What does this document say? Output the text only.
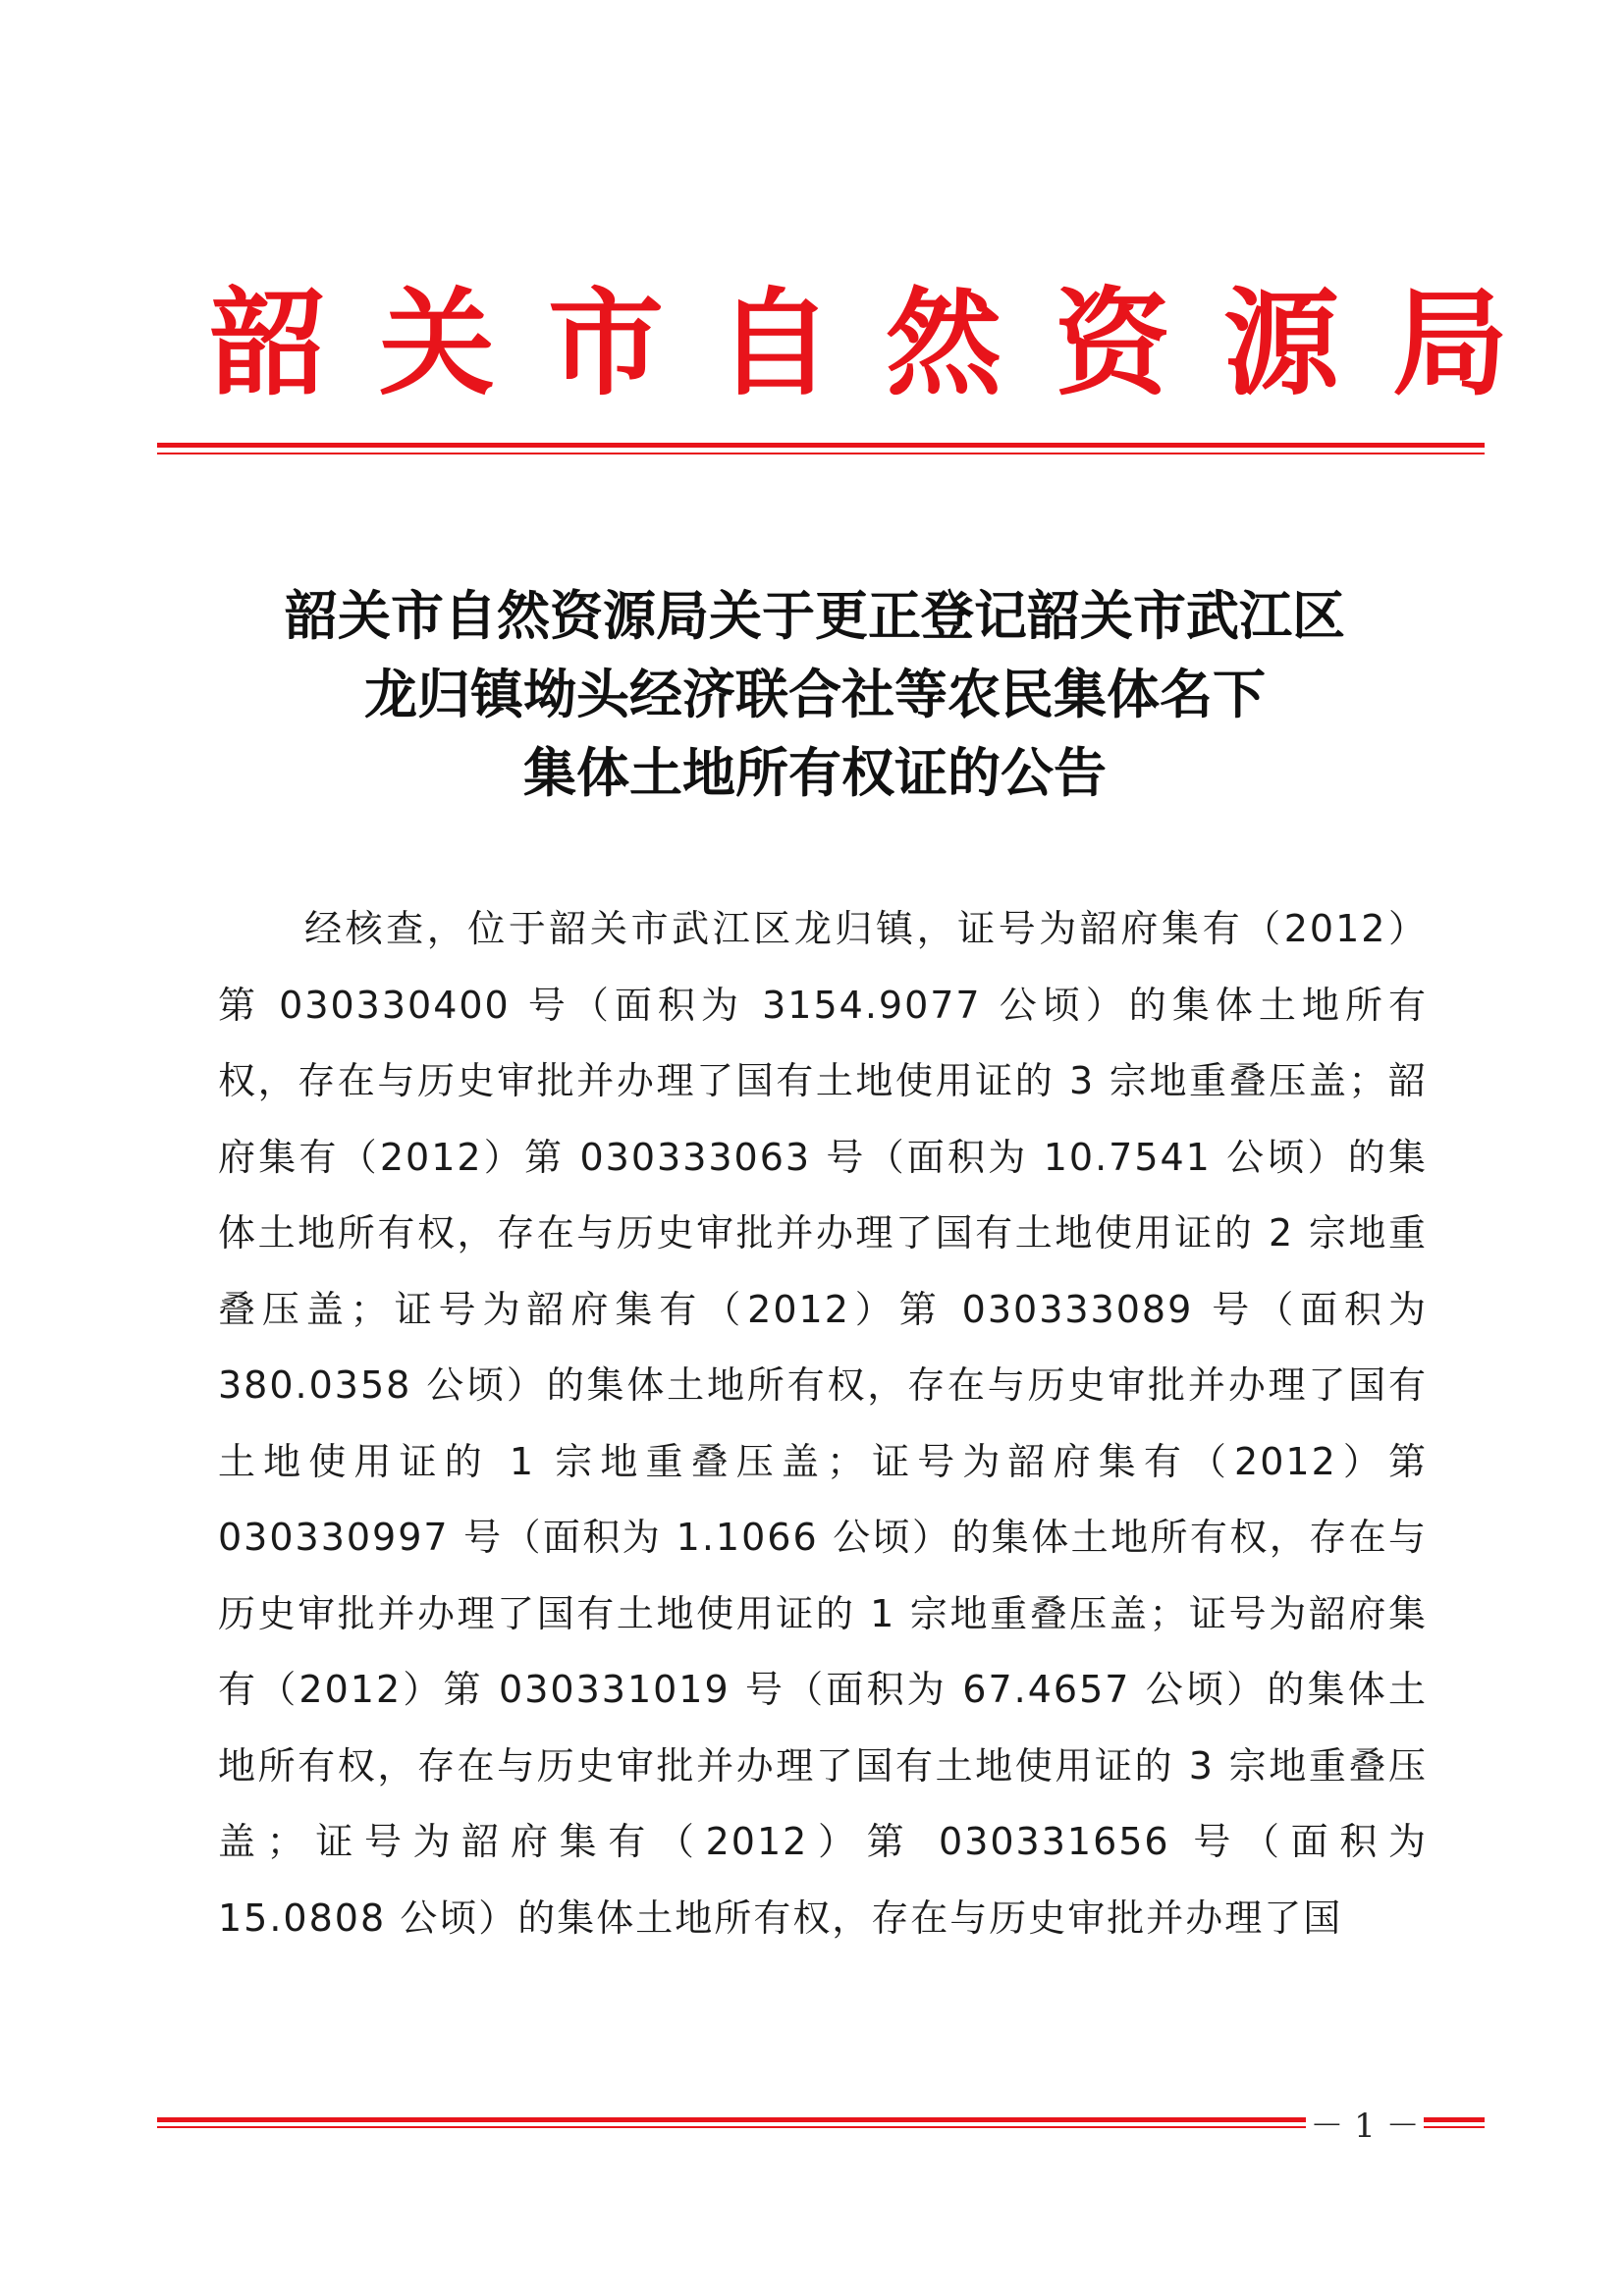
韶关市自然资源局
韶关市自然资源局关于更正登记韶关市武江区
龙归镇坳头经济联合社等农民集体名下
集体土地所有权证的公告

经核查，位于韶关市武江区龙归镇，证号为韶府集有（2012）第 030330400 号（面积为 3154.9077 公顷）的集体土地所有权，存在与历史审批并办理了国有土地使用证的 3 宗地重叠压盖；韶府集有（2012）第 030333063 号（面积为 10.7541 公顷）的集体土地所有权，存在与历史审批并办理了国有土地使用证的 2 宗地重叠压盖；证号为韶府集有（2012）第 030333089 号（面积为 380.0358 公顷）的集体土地所有权，存在与历史审批并办理了国有土地使用证的 1 宗地重叠压盖；证号为韶府集有（2012）第 030330997 号（面积为 1.1066 公顷）的集体土地所有权，存在与历史审批并办理了国有土地使用证的 1 宗地重叠压盖；证号为韶府集有（2012）第 030331019 号（面积为 67.4657 公顷）的集体土地所有权，存在与历史审批并办理了国有土地使用证的 3 宗地重叠压盖；证号为韶府集有（2012）第 030331656 号（面积为 15.0808 公顷）的集体土地所有权，存在与历史审批并办理了国

－ 1 －
